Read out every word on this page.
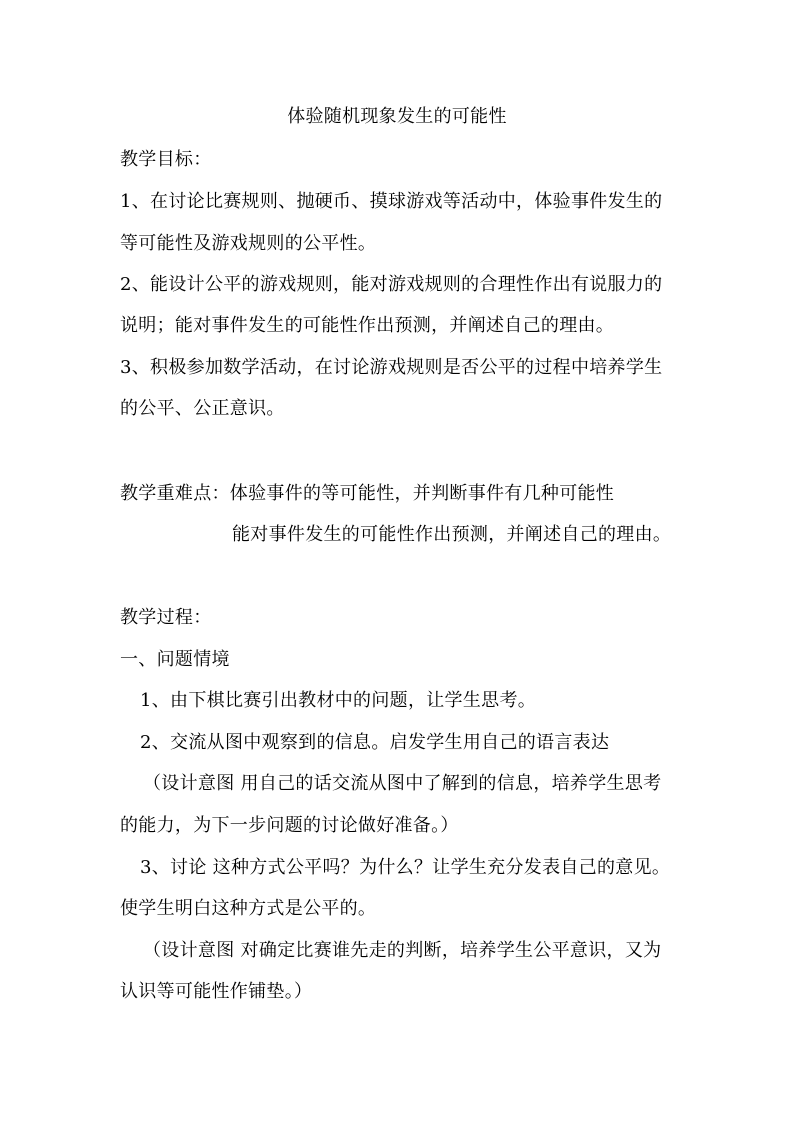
体验随机现象发生的可能性
教学目标：
1、在讨论比赛规则、抛硬币、摸球游戏等活动中，体验事件发生的
等可能性及游戏规则的公平性。
2、能设计公平的游戏规则，能对游戏规则的合理性作出有说服力的
说明；能对事件发生的可能性作出预测，并阐述自己的理由。
3、积极参加数学活动，在讨论游戏规则是否公平的过程中培养学生
的公平、公正意识。
教学重难点：体验事件的等可能性，并判断事件有几种可能性
能对事件发生的可能性作出预测，并阐述自己的理由。
教学过程：
一、问题情境
1、由下棋比赛引出教材中的问题，让学生思考。
2、交流从图中观察到的信息。启发学生用自己的语言表达
（设计意图 用自己的话交流从图中了解到的信息，培养学生思考
的能力，为下一步问题的讨论做好准备。）
3、讨论 这种方式公平吗？为什么？让学生充分发表自己的意见。
使学生明白这种方式是公平的。
（设计意图 对确定比赛谁先走的判断，培养学生公平意识，又为
认识等可能性作铺垫。）
